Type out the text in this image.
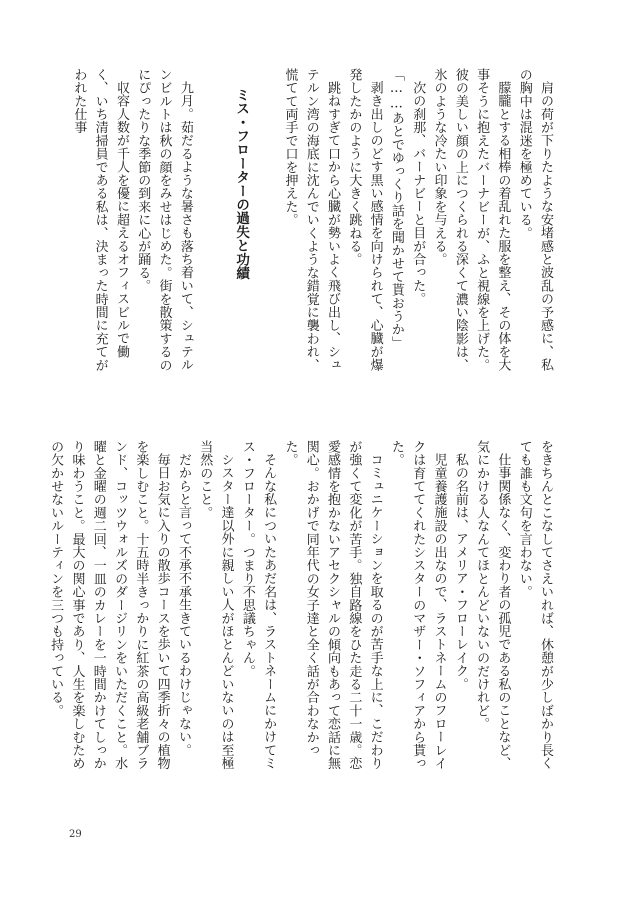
肩の荷が下りたような安堵感と波乱の予感に、私の胸中は混迷を極めている。

朦朧とする相棒の着乱れた服を整え、その体を大事そうに抱えたバーナビーが、ふと視線を上げた。彼の美しい顔の上につくられる深くて濃い陰影は、氷のような冷たい印象を与える。

次の刹那、バーナビーと目が合った。

「……あとでゆっくり話を聞かせて貰おうか」

剥き出しのどす黒い感情を向けられて、心臓が爆発したかのように大きく跳ねる。

跳ねすぎて口から心臓が勢いよく飛び出し、シュテルン湾の海底に沈んでいくような錯覚に襲われ、慌てて両手で口を押えた。

ミス・フローターの過失と功績

九月。茹だるような暑さも落ち着いて、シュテルンビルトは秋の顔をみせはじめた。街を散策するのにぴったりな季節の到来に心が踊る。

収容人数が千人を優に超えるオフィスビルで働く、いち清掃員である私は、決まった時間に充てがわれた仕事

をきちんとこなしてさえいれば、休憩が少しばかり長くても誰も文句を言わない。

仕事関係なく、変わり者の孤児である私のことなど、気にかける人なんてほとんどいないのだけれど。

私の名前は、アメリア・フローレイク。

児童養護施設の出なので、ラストネームのフローレイクは育ててくれたシスターのマザー・ソフィアから貰った。

コミュニケーションを取るのが苦手な上に、こだわりが強くて変化が苦手。独自路線をひた走る二十一歳。恋愛感情を抱かないアセクシャルの傾向もあって恋話に無関心。おかげで同年代の女子達と全く話が合わなかった。

そんな私についたあだ名は、ラストネームにかけてミス・フローター。つまり不思議ちゃん。

シスター達以外に親しい人がほとんどいないのは至極当然のこと。

だからと言って不承不承生きているわけじゃない。

毎日お気に入りの散歩コースを歩いて四季折々の植物を楽しむこと。十五時半きっかりに紅茶の高級老舗ブランド、コッツウォルズのダージリンをいただくこと。水曜と金曜の週二回、一皿のカレーを一時間かけてしっかり味わうこと。最大の関心事であり、人生を楽しむための欠かせないルーティンを三つも持っている。

29
